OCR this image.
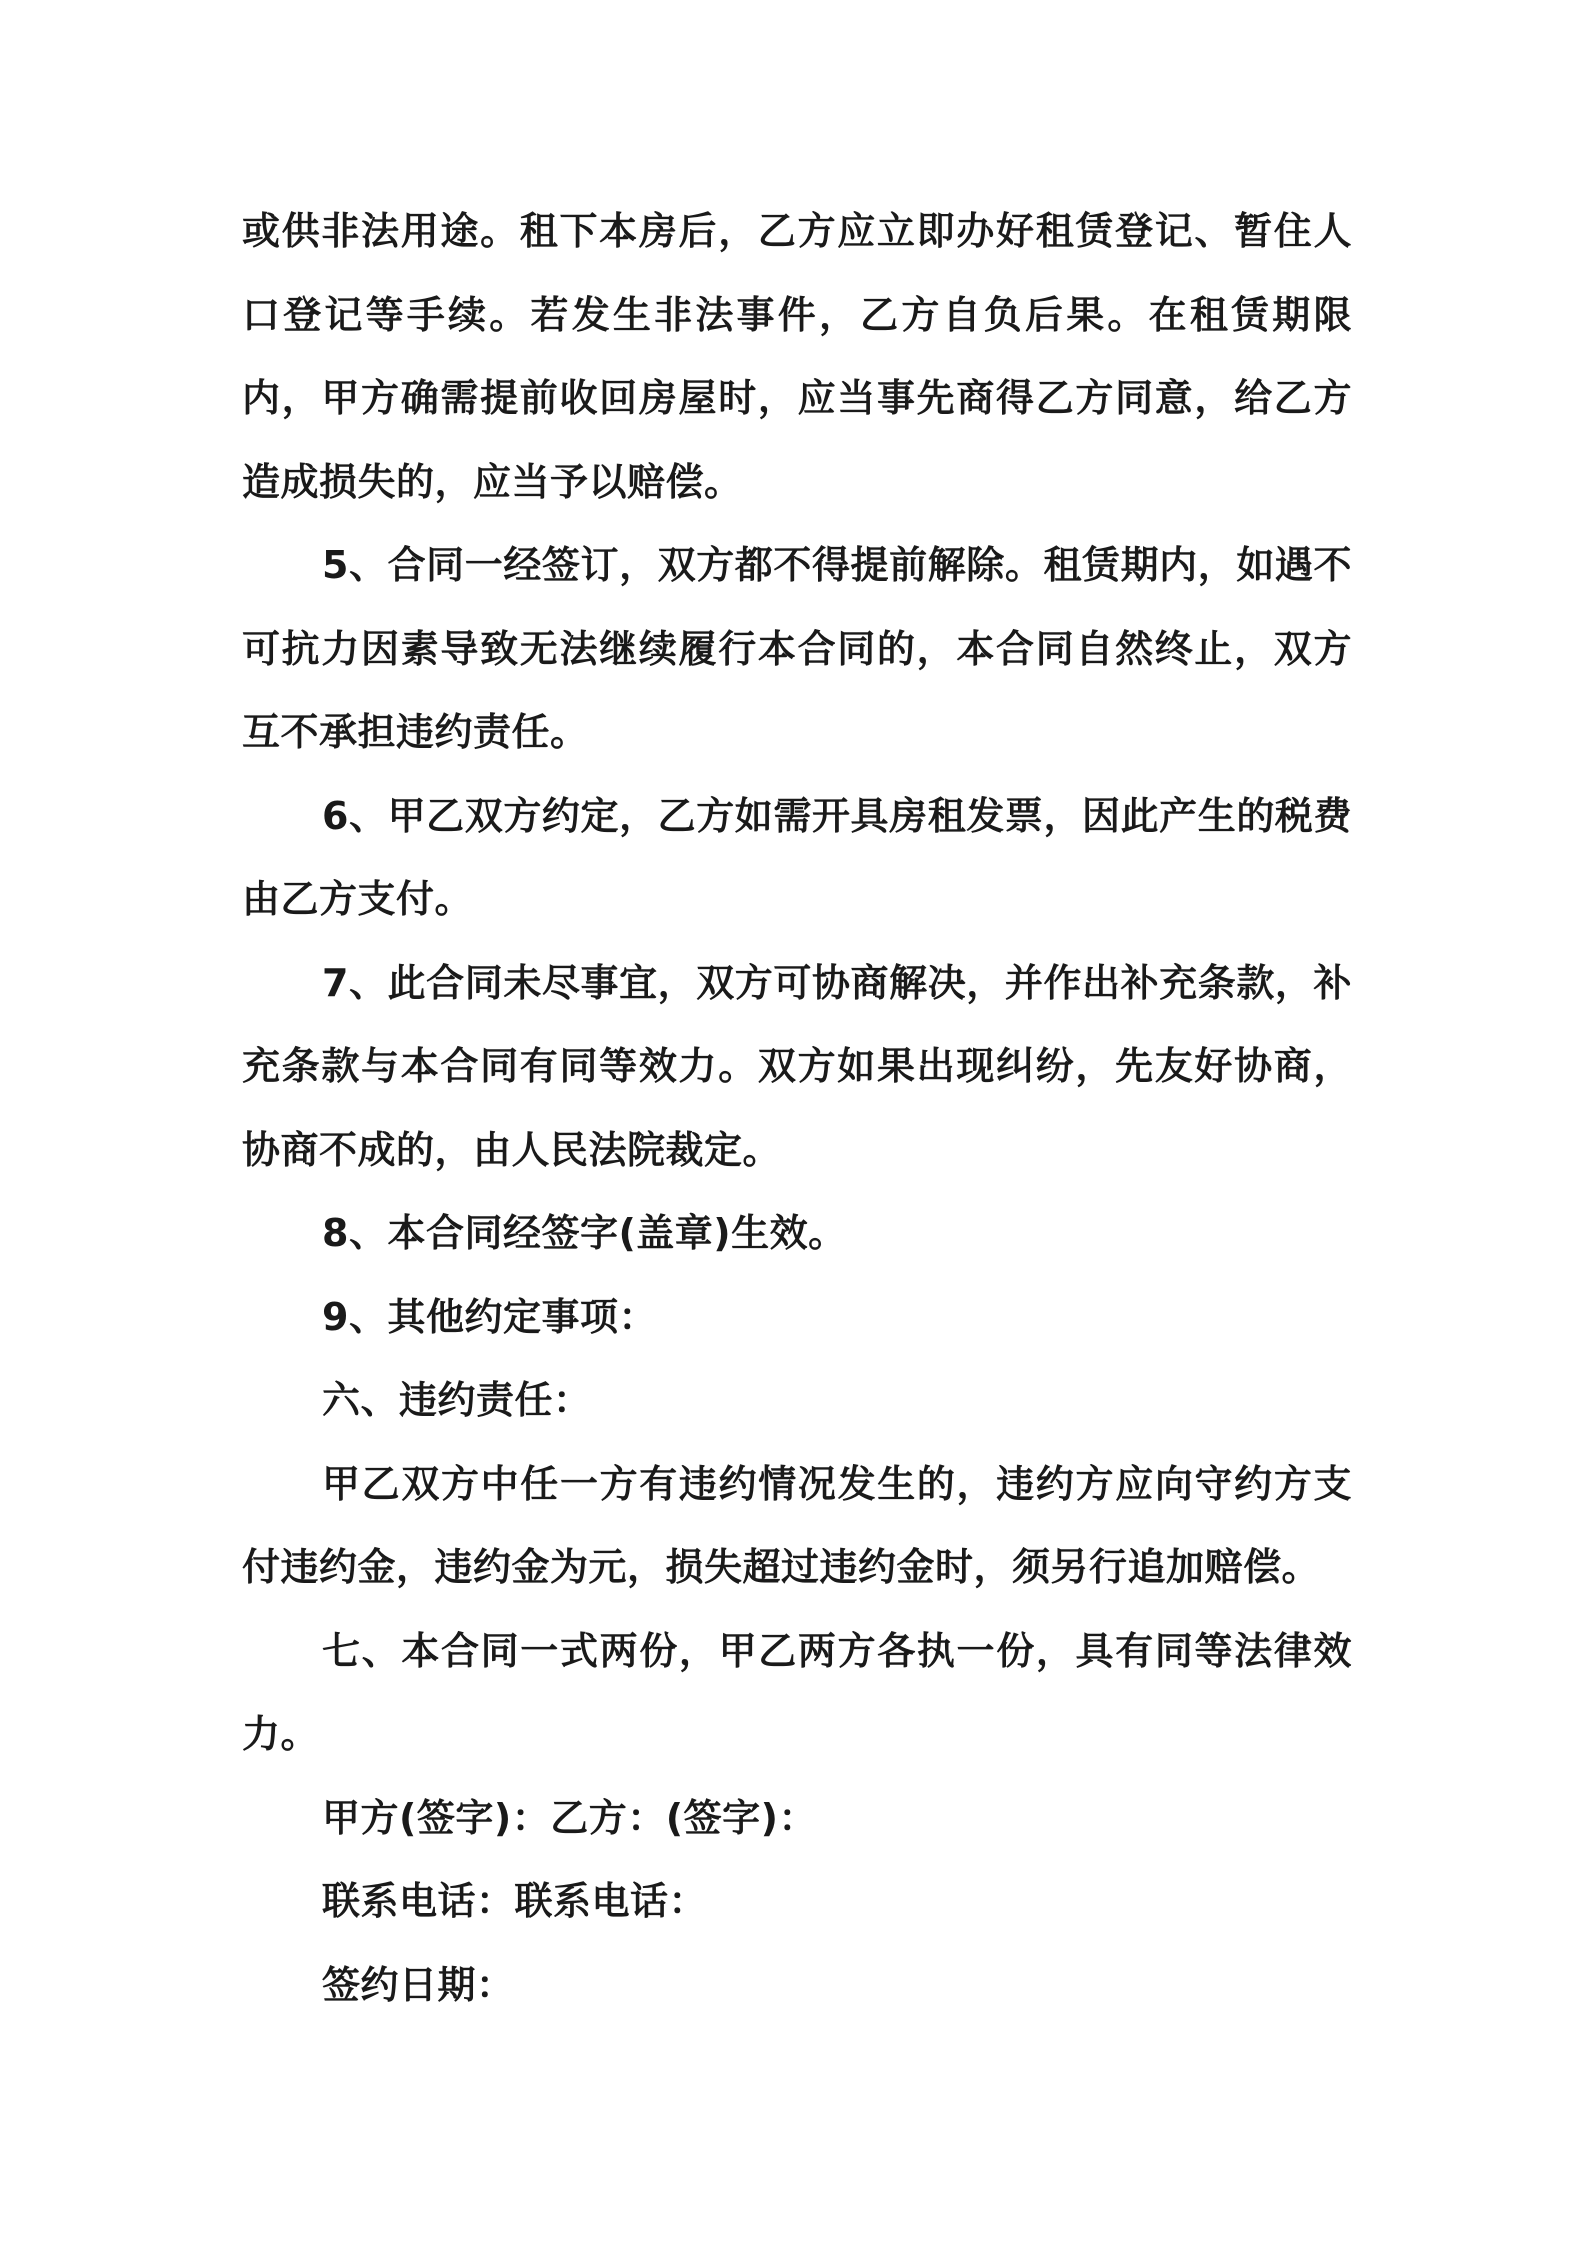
或供非法用途。租下本房后，乙方应立即办好租赁登记、暂住人口登记等手续。若发生非法事件，乙方自负后果。在租赁期限内，甲方确需提前收回房屋时，应当事先商得乙方同意，给乙方造成损失的，应当予以赔偿。

5、合同一经签订，双方都不得提前解除。租赁期内，如遇不可抗力因素导致无法继续履行本合同的，本合同自然终止，双方互不承担违约责任。

6、甲乙双方约定，乙方如需开具房租发票，因此产生的税费由乙方支付。

7、此合同未尽事宜，双方可协商解决，并作出补充条款，补充条款与本合同有同等效力。双方如果出现纠纷，先友好协商，协商不成的，由人民法院裁定。

8、本合同经签字(盖章)生效。

9、其他约定事项：

六、违约责任：

甲乙双方中任一方有违约情况发生的，违约方应向守约方支付违约金，违约金为元，损失超过违约金时，须另行追加赔偿。

七、本合同一式两份，甲乙两方各执一份，具有同等法律效力。

甲方(签字)：乙方：(签字)：

联系电话：联系电话：

签约日期：
